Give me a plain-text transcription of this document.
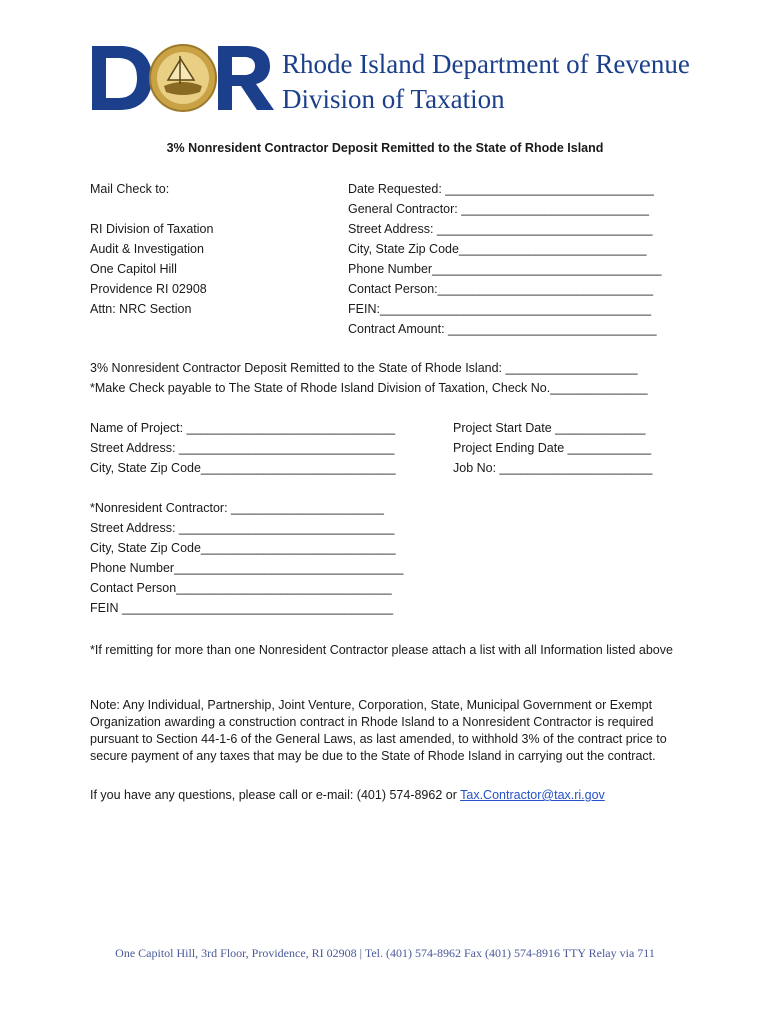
Rhode Island Department of Revenue
Division of Taxation
3% Nonresident Contractor Deposit Remitted to the State of Rhode Island
Mail Check to:
RI Division of Taxation
Audit & Investigation
One Capitol Hill
Providence RI 02908
Attn: NRC Section
Date Requested: ______________________________
General Contractor: ___________________________
Street Address: _______________________________
City, State Zip Code___________________________
Phone Number_________________________________
Contact Person:_______________________________
FEIN:_______________________________________
Contract Amount: ______________________________
3% Nonresident Contractor Deposit Remitted to the State of Rhode Island: ___________________
*Make Check payable to The State of Rhode Island Division of Taxation, Check No.______________
Name of Project: ______________________________
Street Address: _______________________________
City, State Zip Code____________________________
Project Start Date _____________
Project Ending Date ____________
Job No: ______________________
*Nonresident Contractor: ______________________
Street Address: _______________________________
City, State Zip Code____________________________
Phone Number_________________________________
Contact Person_______________________________
FEIN _______________________________________
*If remitting for more than one Nonresident Contractor please attach a list with all Information listed above
Note: Any Individual, Partnership, Joint Venture, Corporation, State, Municipal Government or Exempt Organization awarding a construction contract in Rhode Island to a Nonresident Contractor is required pursuant to Section 44-1-6 of the General Laws, as last amended, to withhold 3% of the contract price to secure payment of any taxes that may be due to the State of Rhode Island in carrying out the contract.
If you have any questions, please call or e-mail: (401) 574-8962 or Tax.Contractor@tax.ri.gov
One Capitol Hill, 3rd Floor, Providence, RI 02908 | Tel. (401) 574-8962 Fax (401) 574-8916 TTY Relay via 711
